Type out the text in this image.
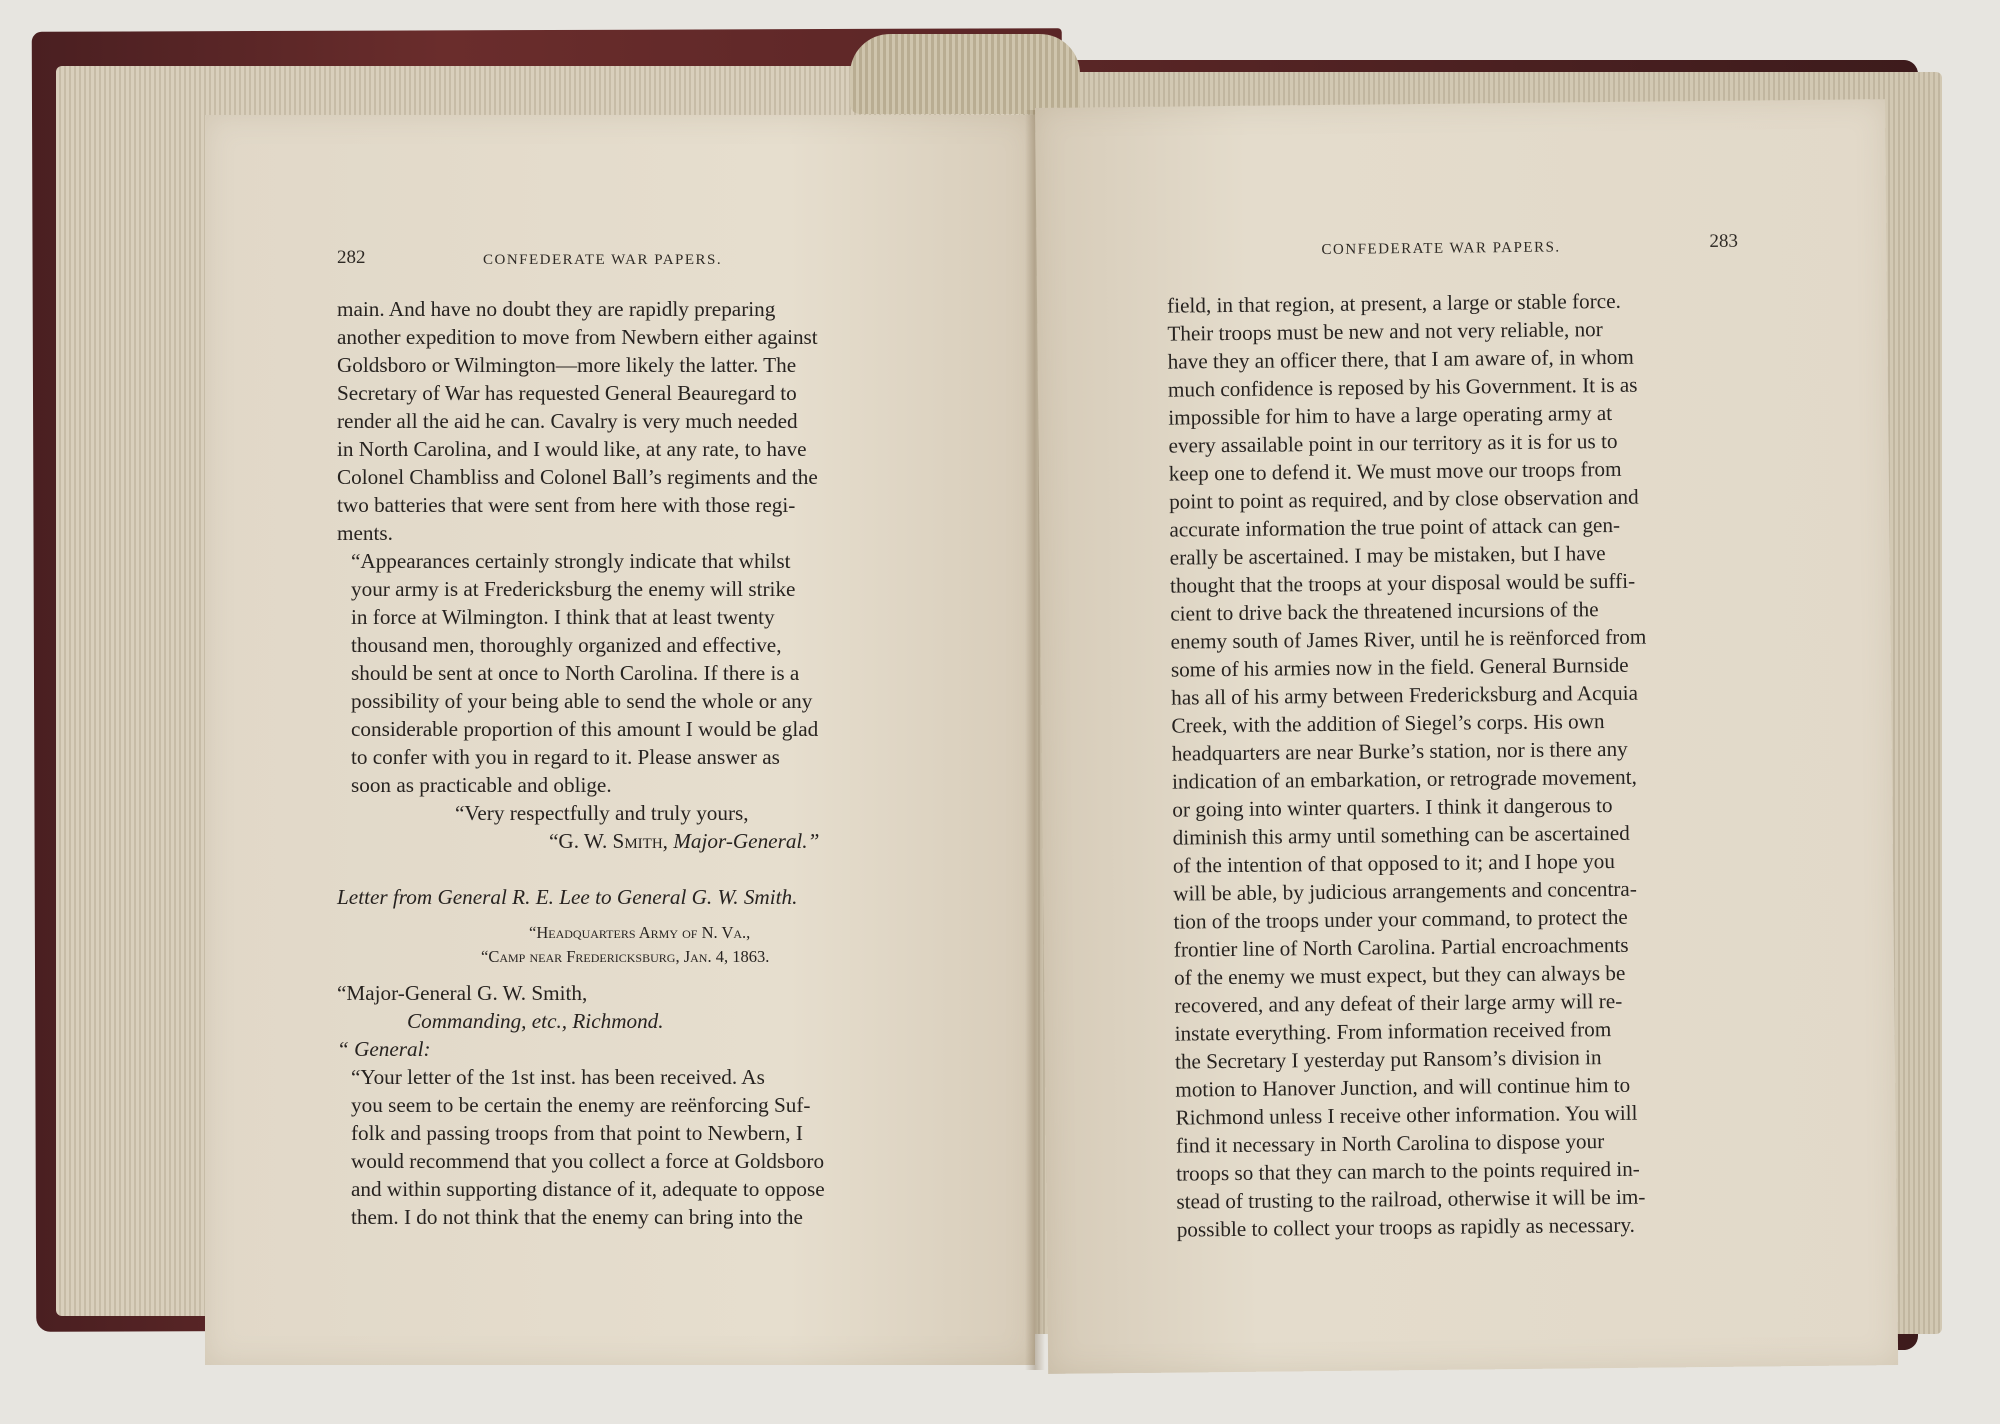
282	CONFEDERATE WAR PAPERS.

main. And have no doubt they are rapidly preparing
another expedition to move from Newbern either against
Goldsboro or Wilmington—more likely the latter. The
Secretary of War has requested General Beauregard to
render all the aid he can. Cavalry is very much needed
in North Carolina, and I would like, at any rate, to have
Colonel Chambliss and Colonel Ball’s regiments and the
two batteries that were sent from here with those regi-
ments.

“Appearances certainly strongly indicate that whilst
your army is at Fredericksburg the enemy will strike
in force at Wilmington. I think that at least twenty
thousand men, thoroughly organized and effective,
should be sent at once to North Carolina. If there is a
possibility of your being able to send the whole or any
considerable proportion of this amount I would be glad
to confer with you in regard to it. Please answer as
soon as practicable and oblige.

“Very respectfully and truly yours,
“G. W. Smith, Major-General.”
Letter from General R. E. Lee to General G. W. Smith.
“Headquarters Army of N. Va.,
“Camp near Fredericksburg, Jan. 4, 1863.
“Major-General G. W. Smith,
Commanding, etc., Richmond.
“ General:

“Your letter of the 1st inst. has been received. As
you seem to be certain the enemy are reënforcing Suf-
folk and passing troops from that point to Newbern, I
would recommend that you collect a force at Goldsboro
and within supporting distance of it, adequate to oppose
them. I do not think that the enemy can bring into the

CONFEDERATE WAR PAPERS.	283

field, in that region, at present, a large or stable force.
Their troops must be new and not very reliable, nor
have they an officer there, that I am aware of, in whom
much confidence is reposed by his Government. It is as
impossible for him to have a large operating army at
every assailable point in our territory as it is for us to
keep one to defend it. We must move our troops from
point to point as required, and by close observation and
accurate information the true point of attack can gen-
erally be ascertained. I may be mistaken, but I have
thought that the troops at your disposal would be suffi-
cient to drive back the threatened incursions of the
enemy south of James River, until he is reënforced from
some of his armies now in the field. General Burnside
has all of his army between Fredericksburg and Acquia
Creek, with the addition of Siegel’s corps. His own
headquarters are near Burke’s station, nor is there any
indication of an embarkation, or retrograde movement,
or going into winter quarters. I think it dangerous to
diminish this army until something can be ascertained
of the intention of that opposed to it; and I hope you
will be able, by judicious arrangements and concentra-
tion of the troops under your command, to protect the
frontier line of North Carolina. Partial encroachments
of the enemy we must expect, but they can always be
recovered, and any defeat of their large army will re-
instate everything. From information received from
the Secretary I yesterday put Ransom’s division in
motion to Hanover Junction, and will continue him to
Richmond unless I receive other information. You will
find it necessary in North Carolina to dispose your
troops so that they can march to the points required in-
stead of trusting to the railroad, otherwise it will be im-
possible to collect your troops as rapidly as necessary.
